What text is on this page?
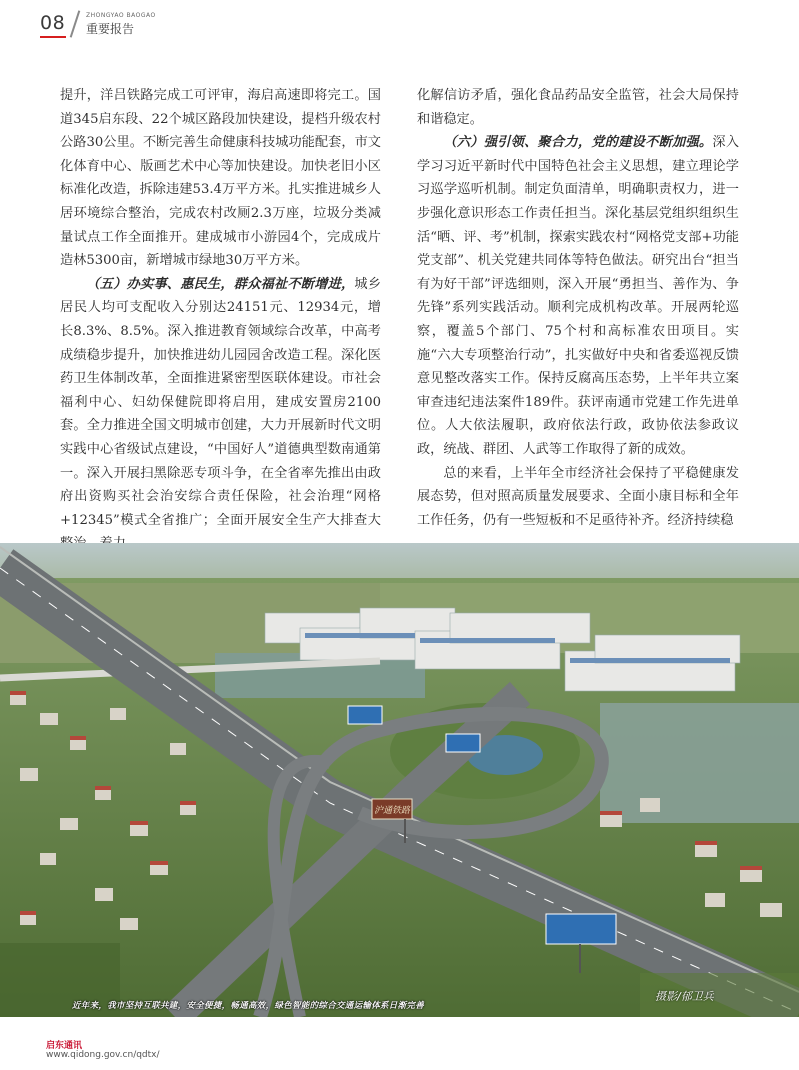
08	ZHONGYAO BAOGAO
重要报告

提升，洋吕铁路完成工可评审，海启高速即将完工。国道345启东段、22个城区路段加快建设，提档升级农村公路30公里。不断完善生命健康科技城功能配套，市文化体育中心、版画艺术中心等加快建设。加快老旧小区标准化改造，拆除违建53.4万平方米。扎实推进城乡人居环境综合整治，完成农村改厕2.3万座，垃圾分类减量试点工作全面推开。建成城市小游园4个，完成成片造林5300亩，新增城市绿地30万平方米。

（五）办实事、惠民生，群众福祉不断增进，城乡居民人均可支配收入分别达24151元、12934元，增长8.3%、8.5%。深入推进教育领域综合改革，中高考成绩稳步提升，加快推进幼儿园园舍改造工程。深化医药卫生体制改革，全面推进紧密型医联体建设。市社会福利中心、妇幼保健院即将启用，建成安置房2100套。全力推进全国文明城市创建，大力开展新时代文明实践中心省级试点建设，“中国好人”道德典型数南通第一。深入开展扫黑除恶专项斗争，在全省率先推出由政府出资购买社会治安综合责任保险，社会治理“网格+12345”模式全省推广；全面开展安全生产大排查大

化解信访矛盾，强化食品药品安全监管，社会大局保持和谐稳定。

（六）强引领、聚合力，党的建设不断加强。深入学习习近平新时代中国特色社会主义思想，建立理论学习巡学巡听机制。制定负面清单，明确职责权力，进一步强化意识形态工作责任担当。深化基层党组织组织生活“晒、评、考”机制，探索实践农村“网格党支部+功能党支部”、机关党建共同体等特色做法。研究出台“担当有为好干部”评选细则，深入开展“勇担当、善作为、争先锋”系列实践活动。顺利完成机构改革。开展两轮巡察，覆盖5个部门、75个村和高标准农田项目。实施“六大专项整治行动”，扎实做好中央和省委巡视反馈意见整改落实工作。保持反腐高压态势，上半年共立案审查违纪违法案件189件。获评南通市党建工作先进单位。人大依法履职，政府依法行政，政协依法参政议政，统战、群团、人武等工作取得了新的成效。

总的来看，上半年全市经济社会保持了平稳健康发展态势，但对照高质量发展要求、全面小康目标和全年工作任务，仍有一些短板和不足亟待补齐。经济持续稳

沪通铁路
近年来，我市坚持互联共建，安全便捷，畅通高效，绿色智能的综合交通运输体系日渐完善
摄影/郁卫兵
启东通讯
www.qidong.gov.cn/qdtx/
